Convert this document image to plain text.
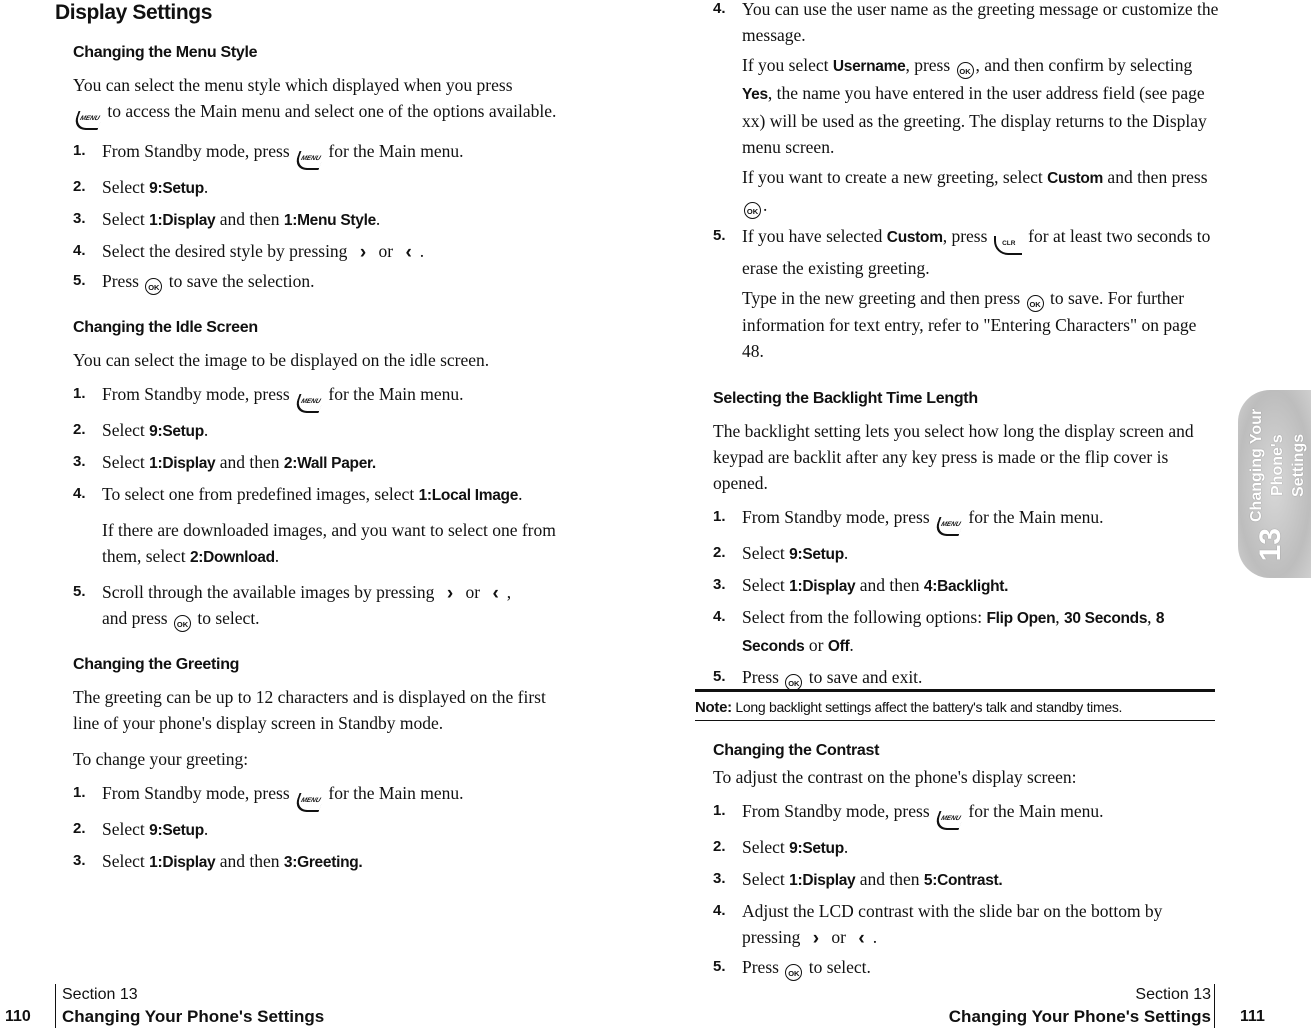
Display Settings
Changing the Menu Style

You can select the menu style which displayed when you press
MENU to access the Main menu and select one of the options available.

1. From Standby mode, press MENU for the Main menu.
2. Select 9:Setup.
3. Select 1:Display and then 1:Menu Style.
4. Select the desired style by pressing › or ‹ .
5. Press OK to save the selection.
Changing the Idle Screen

You can select the image to be displayed on the idle screen.

1. From Standby mode, press MENU for the Main menu.
2. Select 9:Setup.
3. Select 1:Display and then 2:Wall Paper.
4. To select one from predefined images, select 1:Local Image.
If there are downloaded images, and you want to select one from them, select 2:Download.
5. Scroll through the available images by pressing › or ‹ ,
and press OK to select.
Changing the Greeting

The greeting can be up to 12 characters and is displayed on the first line of your phone's display screen in Standby mode.

To change your greeting:

1. From Standby mode, press MENU for the Main menu.
2. Select 9:Setup.
3. Select 1:Display and then 3:Greeting.
4. You can use the user name as the greeting message or customize the message.
If you select Username, press OK , and then confirm by selecting Yes, the name you have entered in the user address field (see page xx) will be used as the greeting. The display returns to the Display menu screen.
If you want to create a new greeting, select Custom and then press OK .
5. If you have selected Custom, press CLR for at least two seconds to erase the existing greeting.
Type in the new greeting and then press OK to save. For further information for text entry, refer to "Entering Characters" on page 48.
Selecting the Backlight Time Length

The backlight setting lets you select how long the display screen and keypad are backlit after any key press is made or the flip cover is opened.

1. From Standby mode, press MENU for the Main menu.
2. Select 9:Setup.
3. Select 1:Display and then 4:Backlight.
4. Select from the following options: Flip Open, 30 Seconds, 8 Seconds or Off.
5. Press OK to save and exit.
Changing the Contrast

To adjust the contrast on the phone's display screen:

1. From Standby mode, press MENU for the Main menu.
2. Select 9:Setup.
3. Select 1:Display and then 5:Contrast.
4. Adjust the LCD contrast with the slide bar on the bottom by pressing › or ‹ .
5. Press OK to select.
Note: Long backlight settings affect the battery's talk and standby times.
Changing Your Phone's Settings
13
110
Section 13
Changing Your Phone's Settings
Section 13
Changing Your Phone's Settings 111
